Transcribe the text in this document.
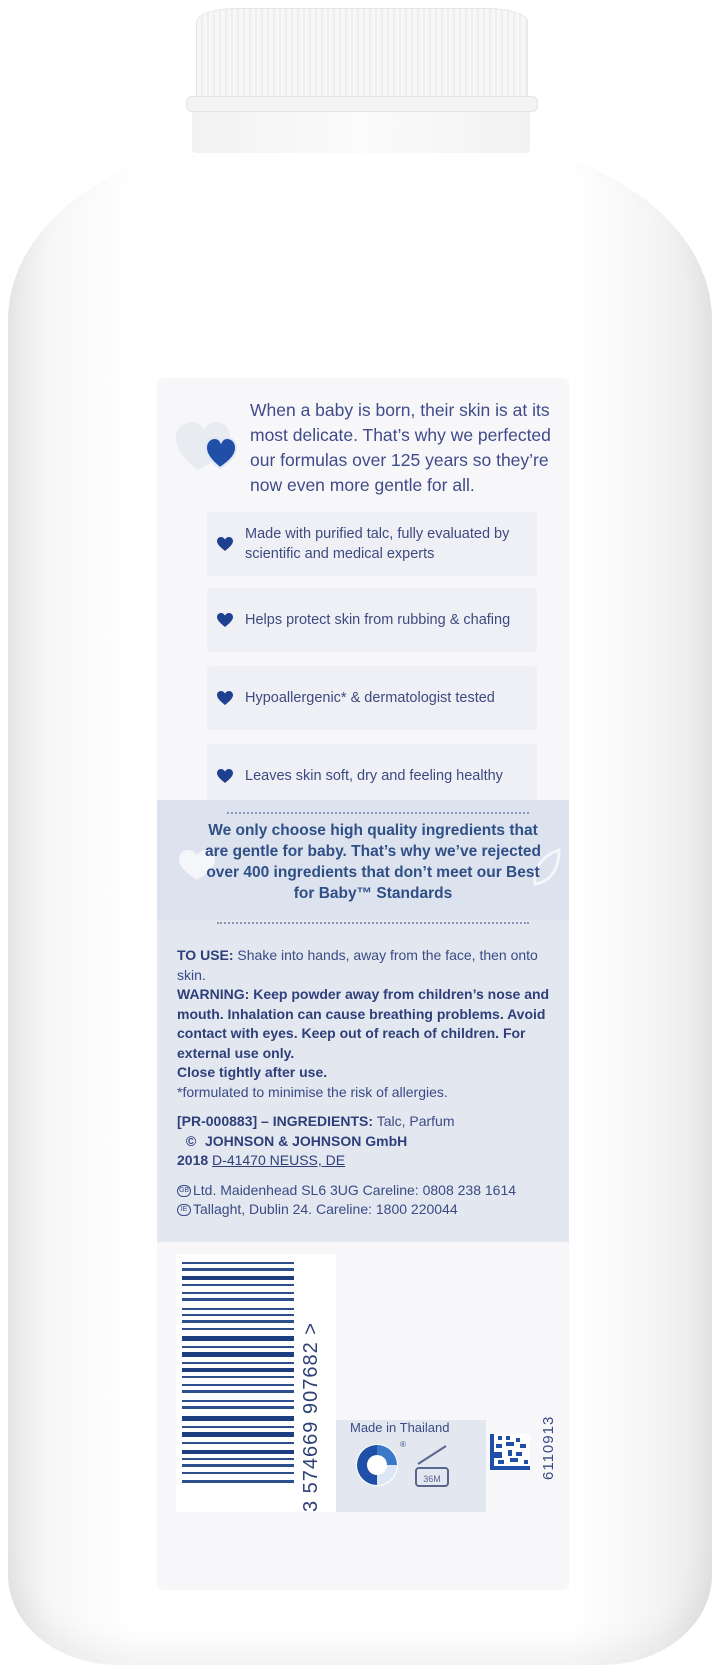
When a baby is born, their skin is at its most delicate. That’s why we perfected our formulas over 125 years so they’re now even more gentle for all.
Made with purified talc, fully evaluated by scientific and medical experts
Helps protect skin from rubbing & chafing
Hypoallergenic* & dermatologist tested
Leaves skin soft, dry and feeling healthy
We only choose high quality ingredients that are gentle for baby. That’s why we’ve rejected over 400 ingredients that don’t meet our Best for Baby™ Standards
TO USE: Shake into hands, away from the face, then onto skin.
WARNING: Keep powder away from children’s nose and mouth. Inhalation can cause breathing problems. Avoid contact with eyes. Keep out of reach of children. For external use only.
Close tightly after use.
*formulated to minimise the risk of allergies.
[PR-000883] – INGREDIENTS: Talc, Parfum
© JOHNSON & JOHNSON GmbH
2018 D-41470 NEUSS, DE
GB Ltd. Maidenhead SL6 3UG Careline: 0808 238 1614
IE Tallaght, Dublin 24. Careline: 1800 220044
3 574669 907682 >	Made in Thailand
®
36M	6110913
